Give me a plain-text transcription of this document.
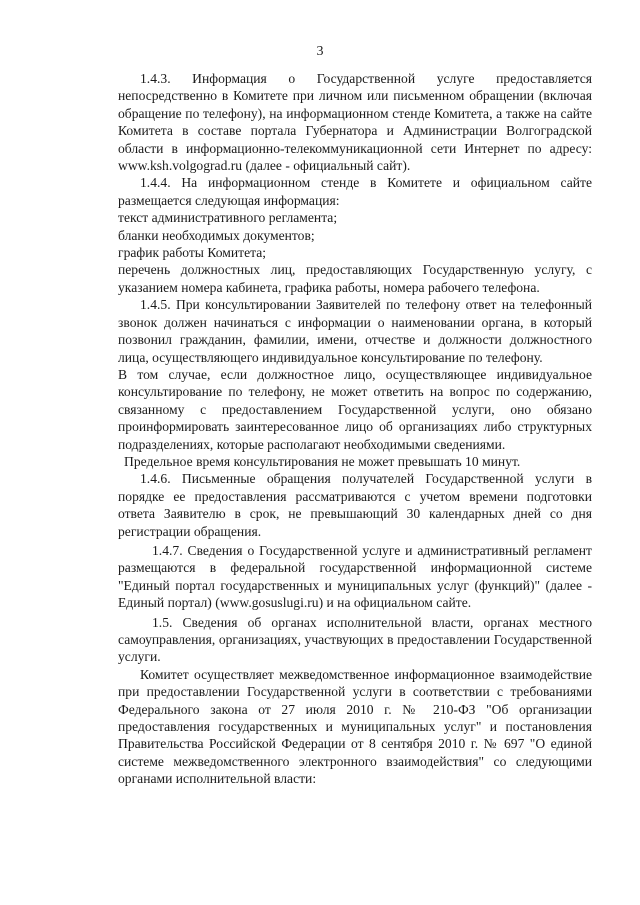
3

1.4.3. Информация о Государственной услуге предоставляется непосредственно в Комитете при личном или письменном обращении (включая обращение по телефону), на информационном стенде Комитета, а также на сайте Комитета в составе портала Губернатора и Администрации Волгоградской области в информационно-телекоммуникационной сети Интернет по адресу: www.ksh.volgograd.ru (далее - официальный сайт).

1.4.4. На информационном стенде в Комитете и официальном сайте размещается следующая информация:

текст административного регламента;

бланки необходимых документов;

график работы Комитета;

перечень должностных лиц, предоставляющих Государственную услугу, с указанием номера кабинета, графика работы, номера рабочего телефона.

1.4.5. При консультировании Заявителей по телефону ответ на телефонный звонок должен начинаться с информации о наименовании органа, в который позвонил гражданин, фамилии, имени, отчестве и должности должностного лица, осуществляющего индивидуальное консультирование по телефону.

В том случае, если должностное лицо, осуществляющее индивидуальное консультирование по телефону, не может ответить на вопрос по содержанию, связанному с предоставлением Государственной услуги, оно обязано проинформировать заинтересованное лицо об организациях либо структурных подразделениях, которые располагают необходимыми сведениями.

Предельное время консультирования не может превышать 10 минут.

1.4.6. Письменные обращения получателей Государственной услуги в порядке ее предоставления рассматриваются с учетом времени подготовки ответа Заявителю в срок, не превышающий 30 календарных дней со дня регистрации обращения.

1.4.7. Сведения о Государственной услуге и административный регламент размещаются в федеральной государственной информационной системе "Единый портал государственных и муниципальных услуг (функций)" (далее - Единый портал) (www.gosuslugi.ru) и на официальном сайте.

1.5. Сведения об органах исполнительной власти, органах местного самоуправления, организациях, участвующих в предоставлении Государственной услуги.

Комитет осуществляет межведомственное информационное взаимодействие при предоставлении Государственной услуги в соответствии с требованиями Федерального закона от 27 июля 2010 г. № 210-ФЗ "Об организации предоставления государственных и муниципальных услуг" и постановления Правительства Российской Федерации от 8 сентября 2010 г. № 697 "О единой системе межведомственного электронного взаимодействия" со следующими органами исполнительной власти:
